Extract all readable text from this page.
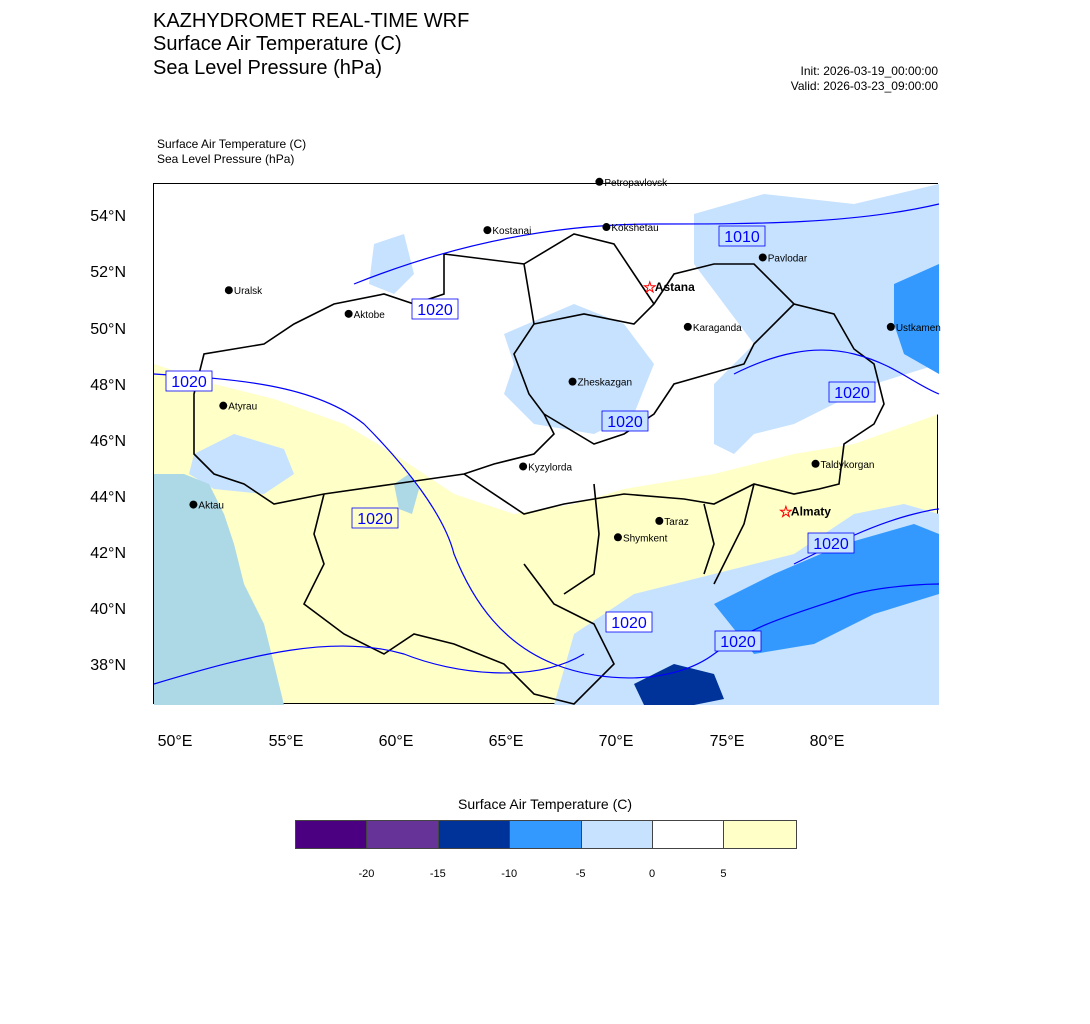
KAZHYDROMET REAL-TIME WRF
Surface Air Temperature (C)
Sea Level Pressure (hPa)	Init: 2026-03-19_00:00:00
Valid: 2026-03-23_09:00:00
Surface Air Temperature (C)
Sea Level Pressure (hPa)
1010
1020
1020
1020
1020
1020
1020
1020
1020
Petropavlovsk
Kostanai	Kokshetau
Uralsk
Pavlodar
★
Astana
Aktobe
Ustkamen
Karaganda
Atyrau
Zheskazgan
Taldykorgan
Aktau
Kyzylorda
★
Almaty
Taraz
Shymkent
54°N
52°N
50°N
48°N
46°N
44°N
42°N
40°N
38°N
50°E	55°E	60°E	65°E	70°E	75°E	80°E
Surface Air Temperature (C)
-20	-15	-10	-5	0	5
